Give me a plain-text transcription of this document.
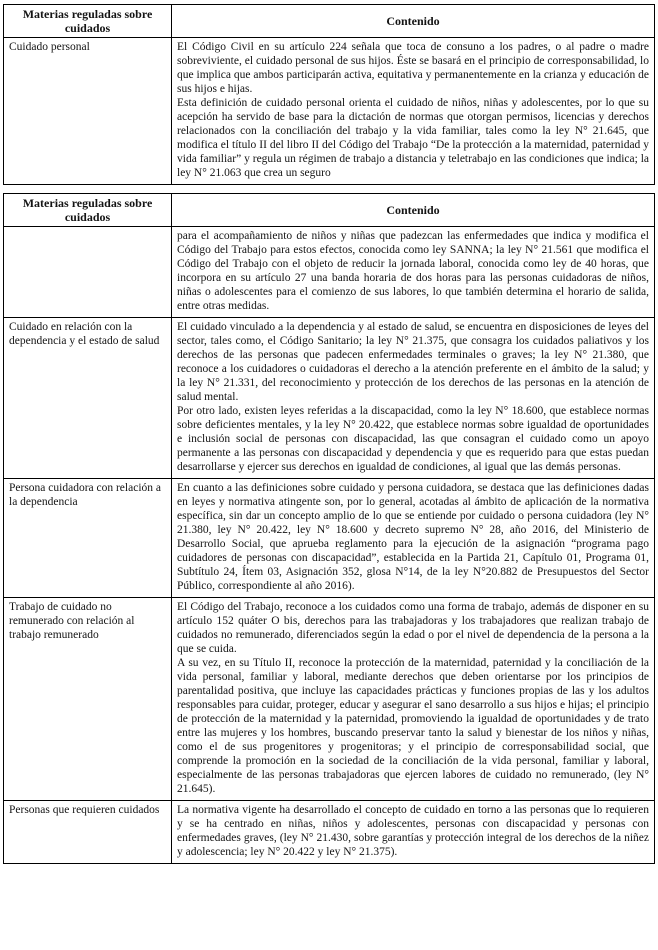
Materias reguladas sobre cuidados	Contenido
Cuidado personal	El Código Civil en su artículo 224 señala que toca de consuno a los padres, o al padre o madre sobreviviente, el cuidado personal de sus hijos. Éste se basará en el principio de corresponsabilidad, lo que implica que ambos participarán activa, equitativa y permanentemente en la crianza y educación de sus hijos e hijas.

Esta definición de cuidado personal orienta el cuidado de niños, niñas y adolescentes, por lo que su acepción ha servido de base para la dictación de normas que otorgan permisos, licencias y derechos relacionados con la conciliación del trabajo y la vida familiar, tales como la ley N° 21.645, que modifica el título II del libro II del Código del Trabajo “De la protección a la maternidad, paternidad y vida familiar” y regula un régimen de trabajo a distancia y teletrabajo en las condiciones que indica; la ley N° 21.063 que crea un seguro

Materias reguladas sobre cuidados	Contenido

	para el acompañamiento de niños y niñas que padezcan las enfermedades que indica y modifica el Código del Trabajo para estos efectos, conocida como ley SANNA; la ley N° 21.561 que modifica el Código del Trabajo con el objeto de reducir la jornada laboral, conocida como ley de 40 horas, que incorpora en su artículo 27 una banda horaria de dos horas para las personas cuidadoras de niños, niñas o adolescentes para el comienzo de sus labores, lo que también determina el horario de salida, entre otras medidas.

Cuidado en relación con la dependencia y el estado de salud	El cuidado vinculado a la dependencia y al estado de salud, se encuentra en disposiciones de leyes del sector, tales como, el Código Sanitario; la ley N° 21.375, que consagra los cuidados paliativos y los derechos de las personas que padecen enfermedades terminales o graves; la ley N° 21.380, que reconoce a los cuidadores o cuidadoras el derecho a la atención preferente en el ámbito de la salud; y la ley N° 21.331, del reconocimiento y protección de los derechos de las personas en la atención de salud mental.

Por otro lado, existen leyes referidas a la discapacidad, como la ley N° 18.600, que establece normas sobre deficientes mentales, y la ley N° 20.422, que establece normas sobre igualdad de oportunidades e inclusión social de personas con discapacidad, las que consagran el cuidado como un apoyo permanente a las personas con discapacidad y dependencia y que es requerido para que estas puedan desarrollarse y ejercer sus derechos en igualdad de condiciones, al igual que las demás personas.

Persona cuidadora con relación a la dependencia	En cuanto a las definiciones sobre cuidado y persona cuidadora, se destaca que las definiciones dadas en leyes y normativa atingente son, por lo general, acotadas al ámbito de aplicación de la normativa específica, sin dar un concepto amplio de lo que se entiende por cuidado o persona cuidadora (ley N° 21.380, ley N° 20.422, ley N° 18.600 y decreto supremo N° 28, año 2016, del Ministerio de Desarrollo Social, que aprueba reglamento para la ejecución de la asignación “programa pago cuidadores de personas con discapacidad”, establecida en la Partida 21, Capítulo 01, Programa 01, Subtítulo 24, Ítem 03, Asignación 352, glosa N°14, de la ley N°20.882 de Presupuestos del Sector Público, correspondiente al año 2016).

Trabajo de cuidado no remunerado con relación al trabajo remunerado	El Código del Trabajo, reconoce a los cuidados como una forma de trabajo, además de disponer en su artículo 152 quáter O bis, derechos para las trabajadoras y los trabajadores que realizan trabajo de cuidados no remunerado, diferenciados según la edad o por el nivel de dependencia de la persona a la que se cuida.

A su vez, en su Título II, reconoce la protección de la maternidad, paternidad y la conciliación de la vida personal, familiar y laboral, mediante derechos que deben orientarse por los principios de parentalidad positiva, que incluye las capacidades prácticas y funciones propias de las y los adultos responsables para cuidar, proteger, educar y asegurar el sano desarrollo a sus hijos e hijas; el principio de protección de la maternidad y la paternidad, promoviendo la igualdad de oportunidades y de trato entre las mujeres y los hombres, buscando preservar tanto la salud y bienestar de los niños y niñas, como el de sus progenitores y progenitoras; y el principio de corresponsabilidad social, que comprende la promoción en la sociedad de la conciliación de la vida personal, familiar y laboral, especialmente de las personas trabajadoras que ejercen labores de cuidado no remunerado, (ley N° 21.645).

Personas que requieren cuidados	La normativa vigente ha desarrollado el concepto de cuidado en torno a las personas que lo requieren y se ha centrado en niñas, niños y adolescentes, personas con discapacidad y personas con enfermedades graves, (ley N° 21.430, sobre garantías y protección integral de los derechos de la niñez y adolescencia; ley N° 20.422 y ley N° 21.375).
